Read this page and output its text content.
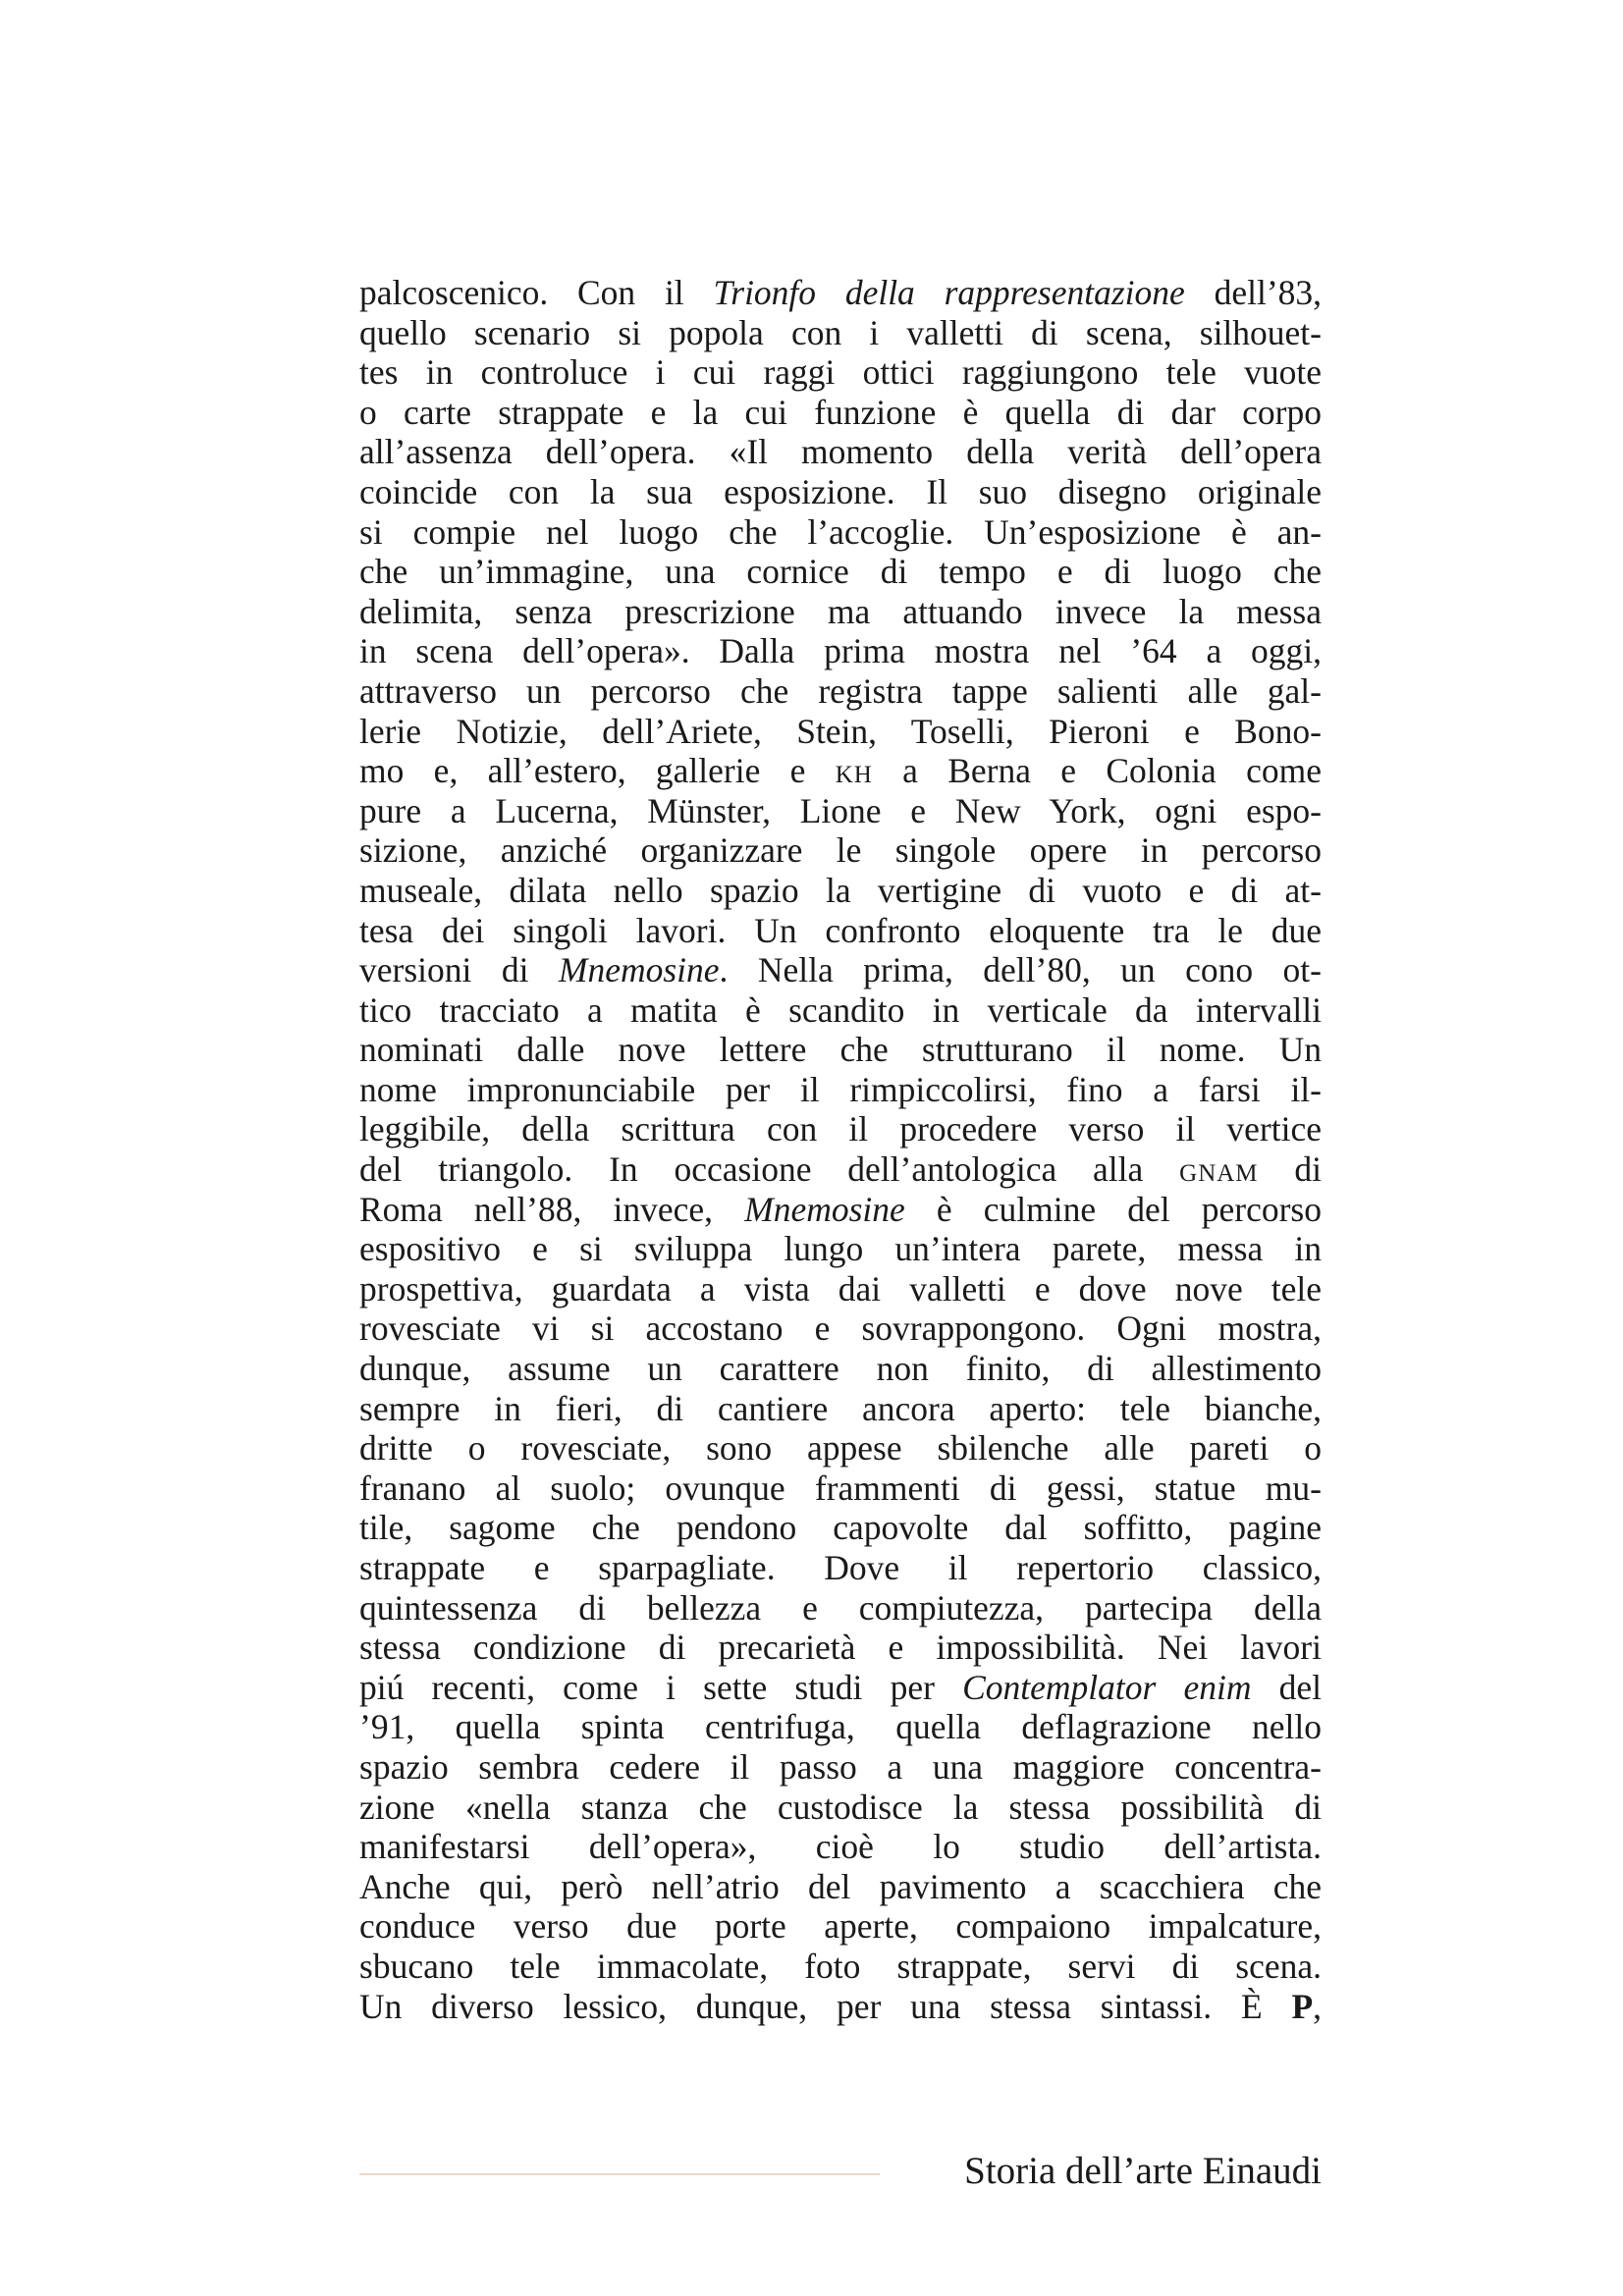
palcoscenico. Con il Trionfo della rappresentazione dell’83,
quello scenario si popola con i valletti di scena, silhouet-
tes in controluce i cui raggi ottici raggiungono tele vuote
o carte strappate e la cui funzione è quella di dar corpo
all’assenza dell’opera. «Il momento della verità dell’opera
coincide con la sua esposizione. Il suo disegno originale
si compie nel luogo che l’accoglie. Un’esposizione è an-
che un’immagine, una cornice di tempo e di luogo che
delimita, senza prescrizione ma attuando invece la messa
in scena dell’opera». Dalla prima mostra nel ’64 a oggi,
attraverso un percorso che registra tappe salienti alle gal-
lerie Notizie, dell’Ariete, Stein, Toselli, Pieroni e Bono-
mo e, all’estero, gallerie e kh a Berna e Colonia come
pure a Lucerna, Münster, Lione e New York, ogni espo-
sizione, anziché organizzare le singole opere in percorso
museale, dilata nello spazio la vertigine di vuoto e di at-
tesa dei singoli lavori. Un confronto eloquente tra le due
versioni di Mnemosine. Nella prima, dell’80, un cono ot-
tico tracciato a matita è scandito in verticale da intervalli
nominati dalle nove lettere che strutturano il nome. Un
nome impronunciabile per il rimpiccolirsi, fino a farsi il-
leggibile, della scrittura con il procedere verso il vertice
del triangolo. In occasione dell’antologica alla gnam di
Roma nell’88, invece, Mnemosine è culmine del percorso
espositivo e si sviluppa lungo un’intera parete, messa in
prospettiva, guardata a vista dai valletti e dove nove tele
rovesciate vi si accostano e sovrappongono. Ogni mostra,
dunque, assume un carattere non finito, di allestimento
sempre in fieri, di cantiere ancora aperto: tele bianche,
dritte o rovesciate, sono appese sbilenche alle pareti o
franano al suolo; ovunque frammenti di gessi, statue mu-
tile, sagome che pendono capovolte dal soffitto, pagine
strappate e sparpagliate. Dove il repertorio classico,
quintessenza di bellezza e compiutezza, partecipa della
stessa condizione di precarietà e impossibilità. Nei lavori
piú recenti, come i sette studi per Contemplator enim del
’91, quella spinta centrifuga, quella deflagrazione nello
spazio sembra cedere il passo a una maggiore concentra-
zione «nella stanza che custodisce la stessa possibilità di
manifestarsi dell’opera», cioè lo studio dell’artista.
Anche qui, però nell’atrio del pavimento a scacchiera che
conduce verso due porte aperte, compaiono impalcature,
sbucano tele immacolate, foto strappate, servi di scena.
Un diverso lessico, dunque, per una stessa sintassi. È P,
Storia dell’arte Einaudi
